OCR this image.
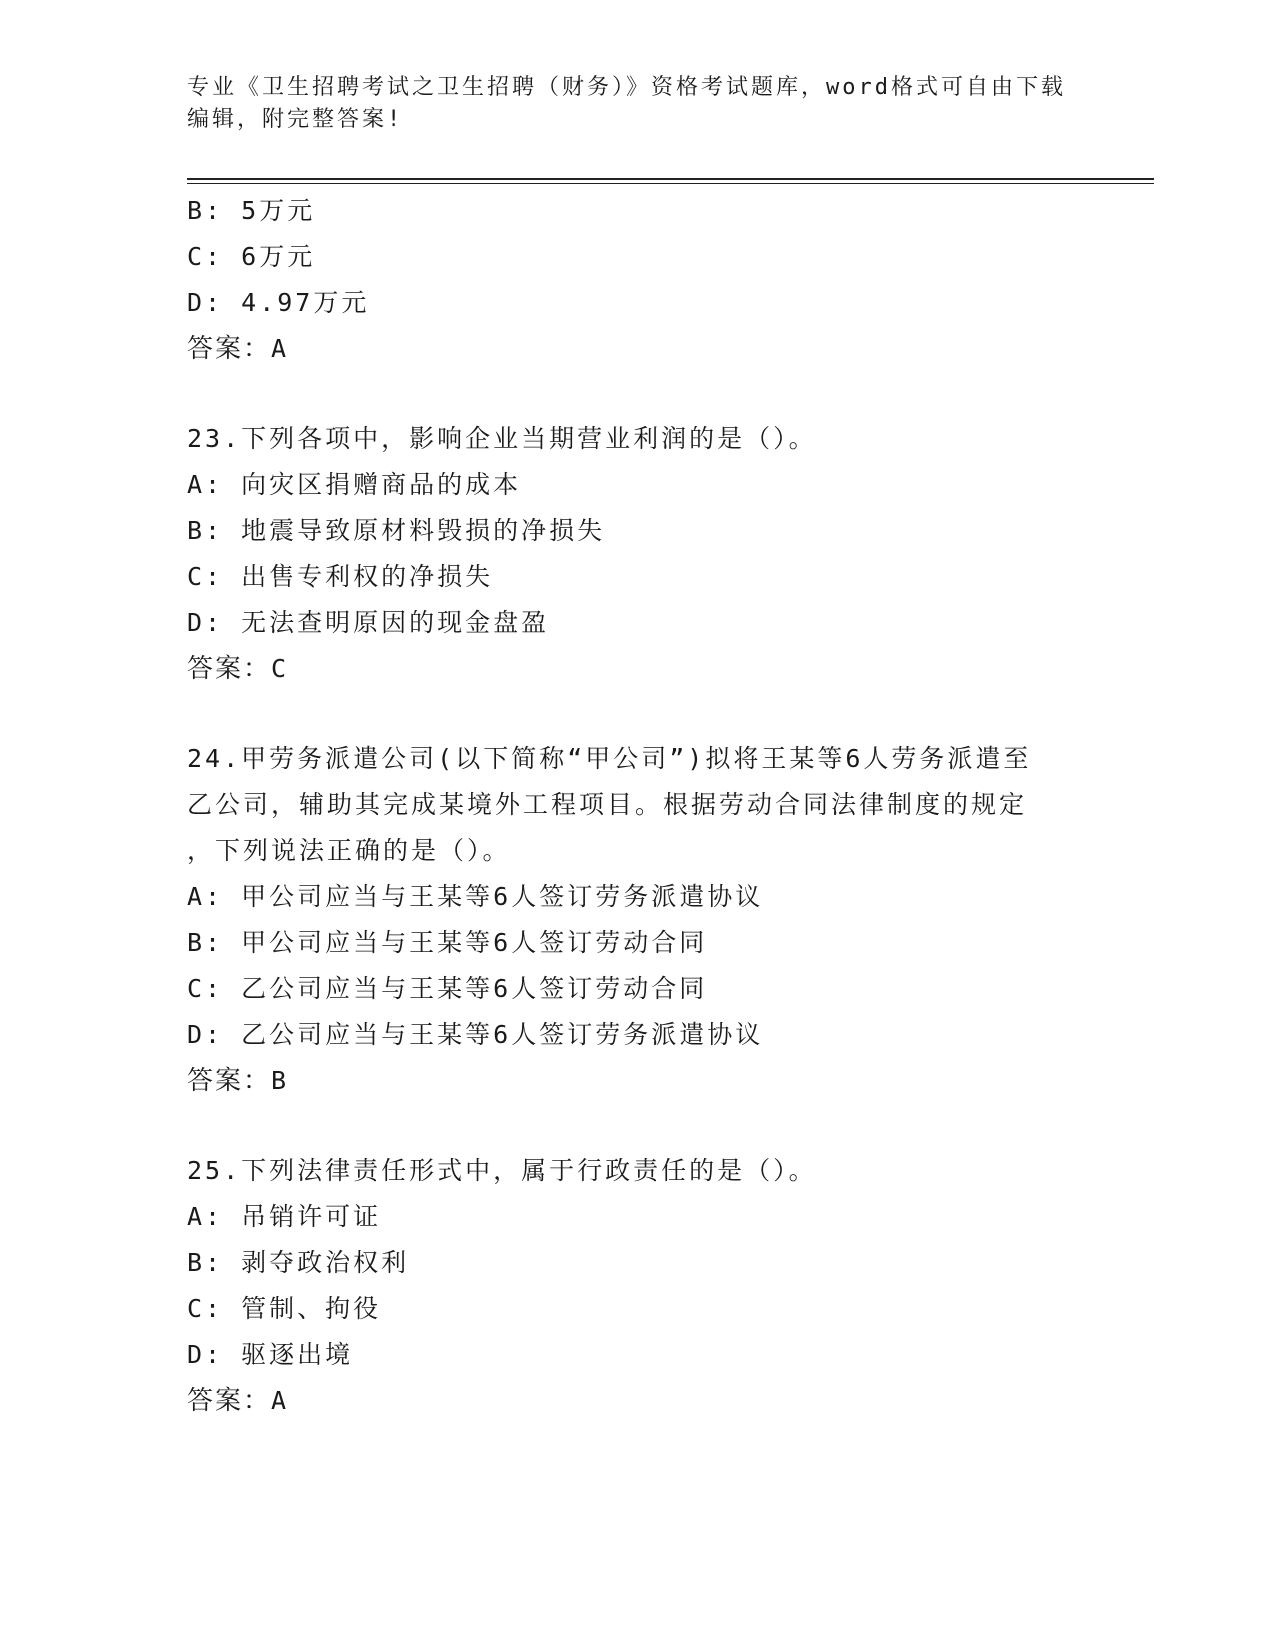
专业《卫生招聘考试之卫生招聘（财务）》资格考试题库，word格式可自由下载
编辑，附完整答案!
B: 5万元
C: 6万元
D: 4.97万元
答案：A
23.下列各项中，影响企业当期营业利润的是（）。
A: 向灾区捐赠商品的成本
B: 地震导致原材料毁损的净损失
C: 出售专利权的净损失
D: 无法查明原因的现金盘盈
答案：C
24.甲劳务派遣公司(以下简称“甲公司”)拟将王某等6人劳务派遣至
乙公司，辅助其完成某境外工程项目。根据劳动合同法律制度的规定
，下列说法正确的是（）。
A: 甲公司应当与王某等6人签订劳务派遣协议
B: 甲公司应当与王某等6人签订劳动合同
C: 乙公司应当与王某等6人签订劳动合同
D: 乙公司应当与王某等6人签订劳务派遣协议
答案：B
25.下列法律责任形式中，属于行政责任的是（）。
A: 吊销许可证
B: 剥夺政治权利
C: 管制、拘役
D: 驱逐出境
答案：A
